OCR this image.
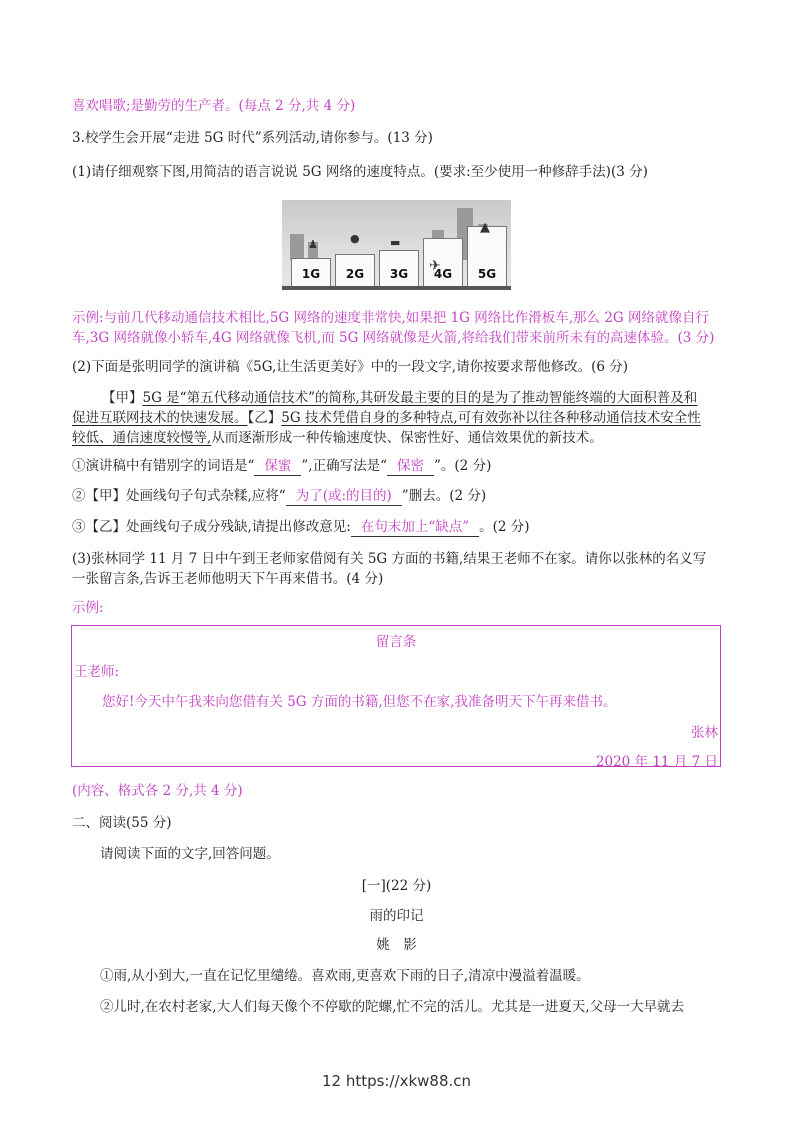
喜欢唱歌;是勤劳的生产者。(每点 2 分,共 4 分)
3.校学生会开展“走进 5G 时代”系列活动,请你参与。(13 分)
(1)请仔细观察下图,用简洁的语言说说 5G 网络的速度特点。(要求:至少使用一种修辞手法)(3 分)
1G 2G 3G 4G 5G
♟	●	▬
✈
▲
示例:与前几代移动通信技术相比,5G 网络的速度非常快,如果把 1G 网络比作滑板车,那么 2G 网络就像自行
车,3G 网络就像小轿车,4G 网络就像飞机,而 5G 网络就像是火箭,将给我们带来前所未有的高速体验。(3 分)
(2)下面是张明同学的演讲稿《5G,让生活更美好》中的一段文字,请你按要求帮他修改。(6 分)
【甲】5G 是“第五代移动通信技术”的简称,其研发最主要的目的是为了推动智能终端的大面积普及和
促进互联网技术的快速发展。【乙】5G 技术凭借自身的多种特点,可有效弥补以往各种移动通信技术安全性
较低、通信速度较慢等,从而逐渐形成一种传输速度快、保密性好、通信效果优的新技术。
①演讲稿中有错别字的词语是“ 保蜜 ”,正确写法是“ 保密 ”。(2 分)
②【甲】处画线句子句式杂糅,应将“ 为了(或:的目的) ”删去。(2 分)
③【乙】处画线句子成分残缺,请提出修改意见: 在句末加上“缺点” 。(2 分)
(3)张林同学 11 月 7 日中午到王老师家借阅有关 5G 方面的书籍,结果王老师不在家。请你以张林的名义写
一张留言条,告诉王老师他明天下午再来借书。(4 分)
示例:
留言条
王老师:
您好!今天中午我来向您借有关 5G 方面的书籍,但您不在家,我准备明天下午再来借书。
张林
2020 年 11 月 7 日
(内容、格式各 2 分,共 4 分)
二、阅读(55 分)
请阅读下面的文字,回答问题。
[一](22 分)
雨的印记
姚　影
①雨,从小到大,一直在记忆里缱绻。喜欢雨,更喜欢下雨的日子,清凉中漫溢着温暖。
②儿时,在农村老家,大人们每天像个不停歇的陀螺,忙不完的活儿。尤其是一进夏天,父母一大早就去
12 https://xkw88.cn
